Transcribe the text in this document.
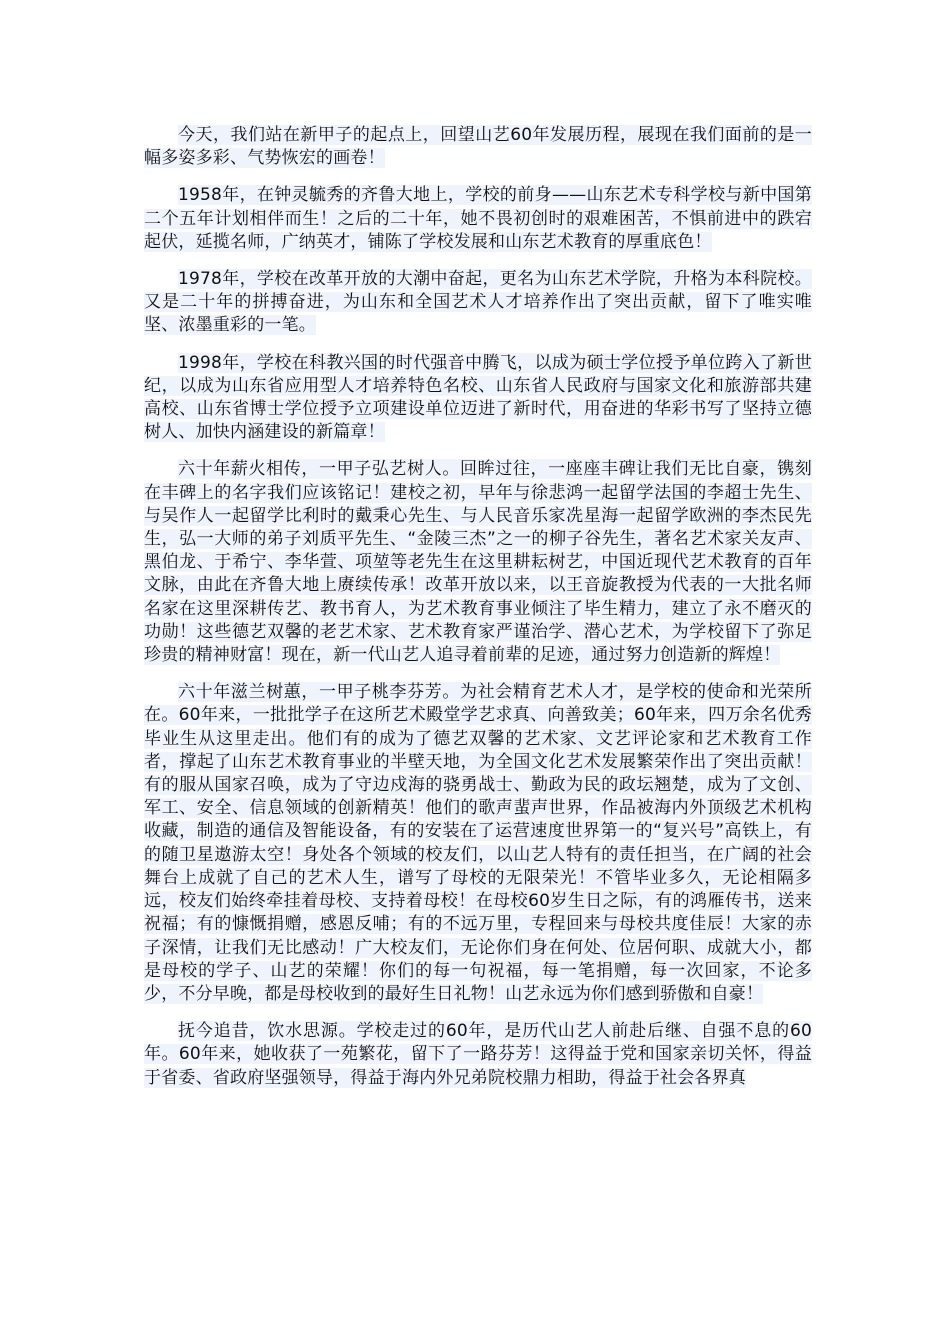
今天，我们站在新甲子的起点上，回望山艺60年发展历程，展现在我们面前的是一幅多姿多彩、气势恢宏的画卷！

1958年，在钟灵毓秀的齐鲁大地上，学校的前身——山东艺术专科学校与新中国第二个五年计划相伴而生！之后的二十年，她不畏初创时的艰难困苦，不惧前进中的跌宕起伏，延揽名师，广纳英才，铺陈了学校发展和山东艺术教育的厚重底色！

1978年，学校在改革开放的大潮中奋起，更名为山东艺术学院，升格为本科院校。又是二十年的拼搏奋进，为山东和全国艺术人才培养作出了突出贡献，留下了唯实唯坚、浓墨重彩的一笔。

1998年，学校在科教兴国的时代强音中腾飞，以成为硕士学位授予单位跨入了新世纪，以成为山东省应用型人才培养特色名校、山东省人民政府与国家文化和旅游部共建高校、山东省博士学位授予立项建设单位迈进了新时代，用奋进的华彩书写了坚持立德树人、加快内涵建设的新篇章！

六十年薪火相传，一甲子弘艺树人。回眸过往，一座座丰碑让我们无比自豪，镌刻在丰碑上的名字我们应该铭记！建校之初，早年与徐悲鸿一起留学法国的李超士先生、与吴作人一起留学比利时的戴秉心先生、与人民音乐家冼星海一起留学欧洲的李杰民先生，弘一大师的弟子刘质平先生、“金陵三杰”之一的柳子谷先生，著名艺术家关友声、黑伯龙、于希宁、李华萱、项堃等老先生在这里耕耘树艺，中国近现代艺术教育的百年文脉，由此在齐鲁大地上赓续传承！改革开放以来，以王音旋教授为代表的一大批名师名家在这里深耕传艺、教书育人，为艺术教育事业倾注了毕生精力，建立了永不磨灭的功勋！这些德艺双馨的老艺术家、艺术教育家严谨治学、潜心艺术，为学校留下了弥足珍贵的精神财富！现在，新一代山艺人追寻着前辈的足迹，通过努力创造新的辉煌！

六十年滋兰树蕙，一甲子桃李芬芳。为社会精育艺术人才，是学校的使命和光荣所在。60年来，一批批学子在这所艺术殿堂学艺求真、向善致美；60年来，四万余名优秀毕业生从这里走出。他们有的成为了德艺双馨的艺术家、文艺评论家和艺术教育工作者，撑起了山东艺术教育事业的半壁天地，为全国文化艺术发展繁荣作出了突出贡献！有的服从国家召唤，成为了守边戍海的骁勇战士、勤政为民的政坛翘楚，成为了文创、军工、安全、信息领域的创新精英！他们的歌声蜚声世界，作品被海内外顶级艺术机构收藏，制造的通信及智能设备，有的安装在了运营速度世界第一的“复兴号”高铁上，有的随卫星遨游太空！身处各个领域的校友们，以山艺人特有的责任担当，在广阔的社会舞台上成就了自己的艺术人生，谱写了母校的无限荣光！不管毕业多久，无论相隔多远，校友们始终牵挂着母校、支持着母校！在母校60岁生日之际，有的鸿雁传书，送来祝福；有的慷慨捐赠，感恩反哺；有的不远万里，专程回来与母校共度佳辰！大家的赤子深情，让我们无比感动！广大校友们，无论你们身在何处、位居何职、成就大小，都是母校的学子、山艺的荣耀！你们的每一句祝福，每一笔捐赠，每一次回家，不论多少，不分早晚，都是母校收到的最好生日礼物！山艺永远为你们感到骄傲和自豪！

抚今追昔，饮水思源。学校走过的60年，是历代山艺人前赴后继、自强不息的60年。60年来，她收获了一苑繁花，留下了一路芬芳！这得益于党和国家亲切关怀，得益于省委、省政府坚强领导，得益于海内外兄弟院校鼎力相助，得益于社会各界真
